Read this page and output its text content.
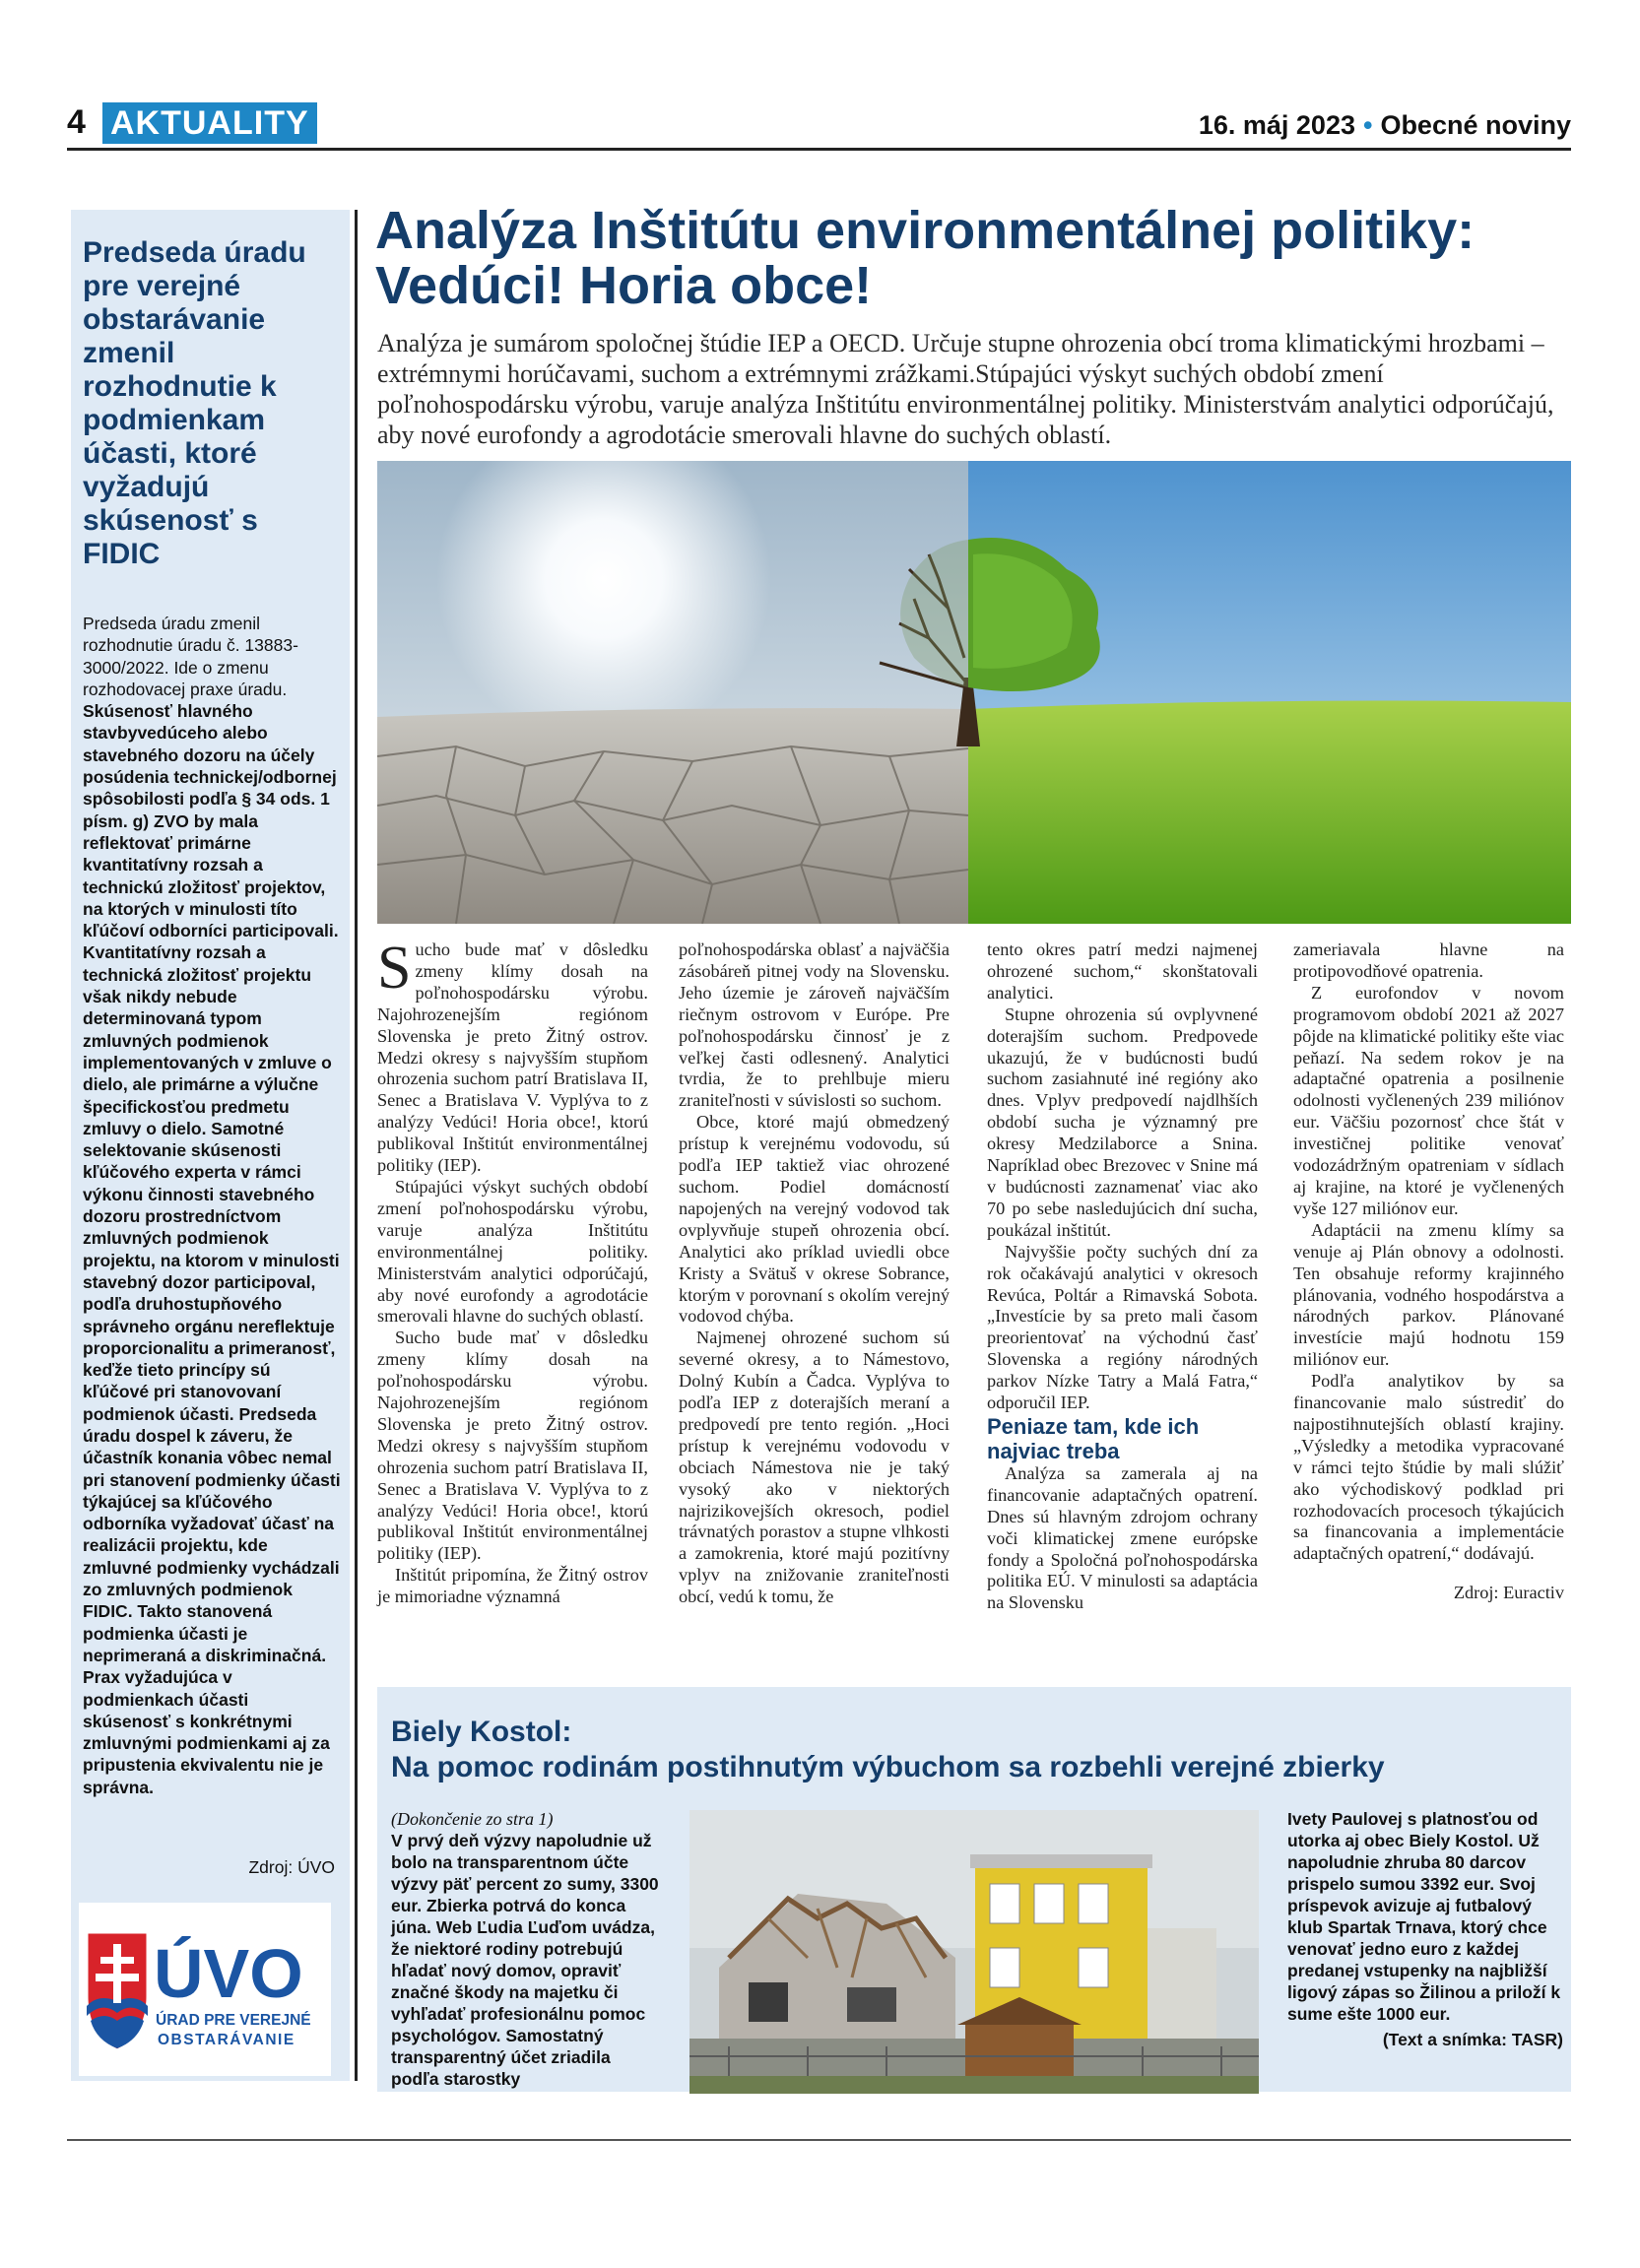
4 AKTUALITY	16. máj 2023 • Obecné noviny
Predseda úradu pre verejné obstarávanie zmenil rozhodnutie k podmienkam účasti, ktoré vyžadujú skúsenosť s FIDIC
Predseda úradu zmenil rozhodnutie úradu č. 13883-3000/2022. Ide o zmenu rozhodovacej praxe úradu. Skúsenosť hlavného stavbyvedúceho alebo stavebného dozoru na účely posúdenia technickej/odbornej spôsobilosti podľa § 34 ods. 1 písm. g) ZVO by mala reflektovať primárne kvantitatívny rozsah a technickú zložitosť projektov, na ktorých v minulosti títo kľúčoví odborníci participovali. Kvantitatívny rozsah a technická zložitosť projektu však nikdy nebude determinovaná typom zmluvných podmienok implementovaných v zmluve o dielo, ale primárne a výlučne špecifickosťou predmetu zmluvy o dielo. Samotné selektovanie skúsenosti kľúčového experta v rámci výkonu činnosti stavebného dozoru prostredníctvom zmluvných podmienok projektu, na ktorom v minulosti stavebný dozor participoval, podľa druhostupňového správneho orgánu nereflektuje proporcionalitu a primeranosť, keďže tieto princípy sú kľúčové pri stanovovaní podmienok účasti. Predseda úradu dospel k záveru, že účastník konania vôbec nemal pri stanovení podmienky účasti týkajúcej sa kľúčového odborníka vyžadovať účasť na realizácii projektu, kde zmluvné podmienky vychádzali zo zmluvných podmienok FIDIC. Takto stanovená podmienka účasti je neprimeraná a diskriminačná. Prax vyžadujúca v podmienkach účasti skúsenosť s konkrétnymi zmluvnými podmienkami aj za pripustenia ekvivalentu nie je správna.
Zdroj: ÚVO
ÚVO
ÚRAD PRE VEREJNÉ
OBSTARÁVANIE
Analýza Inštitútu environmentálnej politiky:
Vedúci! Horia obce!
Analýza je sumárom spoločnej štúdie IEP a OECD. Určuje stupne ohrozenia obcí troma klimatickými hrozbami – extrémnymi horúčavami, suchom a extrémnymi zrážkami.Stúpajúci výskyt suchých období zmení poľnohospodársku výrobu, varuje analýza Inštitútu environmentálnej politiky. Ministerstvám analytici odporúčajú, aby nové eurofondy a agrodotácie smerovali hlavne do suchých oblastí.

Sucho bude mať v dôsledku zmeny klímy dosah na poľnohospodársku výrobu. Najohrozenejším regiónom Slovenska je preto Žitný ostrov. Medzi okresy s najvyšším stupňom ohrozenia suchom patrí Bratislava II, Senec a Bratislava V. Vyplýva to z analýzy Vedúci! Horia obce!, ktorú publikoval Inštitút environmentálnej politiky (IEP).

Stúpajúci výskyt suchých období zmení poľnohospodársku výrobu, varuje analýza Inštitútu environmentálnej politiky. Ministerstvám analytici odporúčajú, aby nové eurofondy a agrodotácie smerovali hlavne do suchých oblastí.

Sucho bude mať v dôsledku zmeny klímy dosah na poľnohospodársku výrobu. Najohrozenejším regiónom Slovenska je preto Žitný ostrov. Medzi okresy s najvyšším stupňom ohrozenia suchom patrí Bratislava II, Senec a Bratislava V. Vyplýva to z analýzy Vedúci! Horia obce!, ktorú publikoval Inštitút environmentálnej politiky (IEP).

Inštitút pripomína, že Žitný ostrov je mimoriadne významná

poľnohospodárska oblasť a najväčšia zásobáreň pitnej vody na Slovensku. Jeho územie je zároveň najväčším riečnym ostrovom v Európe. Pre poľnohospodársku činnosť je z veľkej časti odlesnený. Analytici tvrdia, že to prehlbuje mieru zraniteľnosti v súvislosti so suchom.

Obce, ktoré majú obmedzený prístup k verejnému vodovodu, sú podľa IEP taktiež viac ohrozené suchom. Podiel domácností napojených na verejný vodovod tak ovplyvňuje stupeň ohrozenia obcí. Analytici ako príklad uviedli obce Kristy a Svätuš v okrese Sobrance, ktorým v porovnaní s okolím verejný vodovod chýba.

Najmenej ohrozené suchom sú severné okresy, a to Námestovo, Dolný Kubín a Čadca. Vyplýva to podľa IEP z doterajších meraní a predpovedí pre tento región. „Hoci prístup k verejnému vodovodu v obciach Námestova nie je taký vysoký ako v niektorých najrizikovejších okresoch, podiel trávnatých porastov a stupne vlhkosti a zamokrenia, ktoré majú pozitívny vplyv na znižovanie zraniteľnosti obcí, vedú k tomu, že

tento okres patrí medzi najmenej ohrozené suchom,“ skonštatovali analytici.

Stupne ohrozenia sú ovplyvnené doterajším suchom. Predpovede ukazujú, že v budúcnosti budú suchom zasiahnuté iné regióny ako dnes. Vplyv predpovedí najdlhších období sucha je významný pre okresy Medzilaborce a Snina. Napríklad obec Brezovec v Snine má v budúcnosti zaznamenať viac ako 70 po sebe nasledujúcich dní sucha, poukázal inštitút.

Najvyššie počty suchých dní za rok očakávajú analytici v okresoch Revúca, Poltár a Rimavská Sobota. „Investície by sa preto mali časom preorientovať na východnú časť Slovenska a regióny národných parkov Nízke Tatry a Malá Fatra,“ odporučil IEP.

Peniaze tam, kde ich najviac treba

Analýza sa zamerala aj na financovanie adaptačných opatrení. Dnes sú hlavným zdrojom ochrany voči klimatickej zmene európske fondy a Spoločná poľnohospodárska politika EÚ. V minulosti sa adaptácia na Slovensku

zameriavala hlavne na protipovodňové opatrenia.

Z eurofondov v novom programovom období 2021 až 2027 pôjde na klimatické politiky ešte viac peňazí. Na sedem rokov je na adaptačné opatrenia a posilnenie odolnosti vyčlenených 239 miliónov eur. Väčšiu pozornosť chce štát v investičnej politike venovať vodozádržným opatreniam v sídlach aj krajine, na ktoré je vyčlenených vyše 127 miliónov eur.

Adaptácii na zmenu klímy sa venuje aj Plán obnovy a odolnosti. Ten obsahuje reformy krajinného plánovania, vodného hospodárstva a národných parkov. Plánované investície majú hodnotu 159 miliónov eur.

Podľa analytikov by sa financovanie malo sústrediť do najpostihnutejších oblastí krajiny. „Výsledky a metodika vypracované v rámci tejto štúdie by mali slúžiť ako východiskový podklad pri rozhodovacích procesoch týkajúcich sa financovania a implementácie adaptačných opatrení,“ dodávajú.

Zdroj: Euractiv

Biely Kostol:
Na pomoc rodinám postihnutým výbuchom sa rozbehli verejné zbierky
(Dokončenie zo stra 1)
V prvý deň výzvy napoludnie už bolo na transparentnom účte výzvy päť percent zo sumy, 3300 eur. Zbierka potrvá do konca júna. Web Ľudia Ľuďom uvádza, že niektoré rodiny potrebujú hľadať nový domov, opraviť značné škody na majetku či vyhľadať profesionálnu pomoc psychológov. Samostatný transparentný účet zriadila podľa starostky
Ivety Paulovej s platnosťou od utorka aj obec Biely Kostol. Už napoludnie zhruba 80 darcov prispelo sumou 3392 eur. Svoj príspevok avizuje aj futbalový klub Spartak Trnava, ktorý chce venovať jedno euro z každej predanej vstupenky na najbližší ligový zápas so Žilinou a priloží k sume ešte 1000 eur.
(Text a snímka: TASR)
